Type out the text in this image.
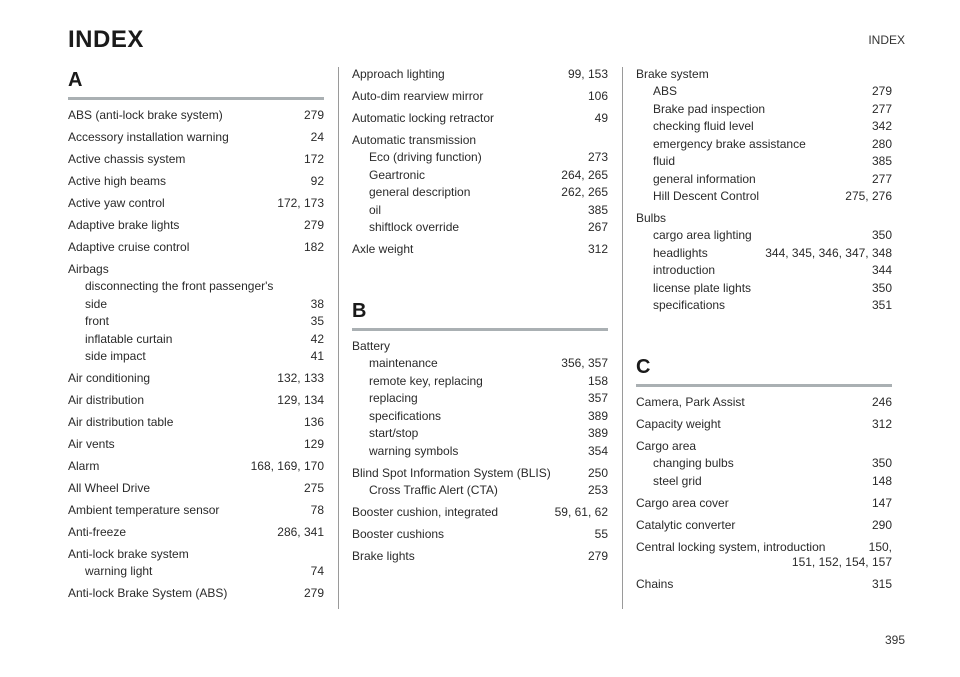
INDEX	INDEX
395
A
ABS (anti-lock brake system)	279
Accessory installation warning	24
Active chassis system	172
Active high beams	92
Active yaw control	172, 173
Adaptive brake lights	279
Adaptive cruise control	182
Airbags
disconnecting the front passenger's
side	38
front	35
inflatable curtain	42
side impact	41
Air conditioning	132, 133
Air distribution	129, 134
Air distribution table	136
Air vents	129
Alarm	168, 169, 170
All Wheel Drive	275
Ambient temperature sensor	78
Anti-freeze	286, 341
Anti-lock brake system
warning light	74
Anti-lock Brake System (ABS)	279
Approach lighting	99, 153
Auto-dim rearview mirror	106
Automatic locking retractor	49
Automatic transmission
Eco (driving function)	273
Geartronic	264, 265
general description	262, 265
oil	385
shiftlock override	267
Axle weight	312
B
Battery
maintenance	356, 357
remote key, replacing	158
replacing	357
specifications	389
start/stop	389
warning symbols	354
Blind Spot Information System (BLIS)	250
Cross Traffic Alert (CTA)	253
Booster cushion, integrated	59, 61, 62
Booster cushions	55
Brake lights	279
Brake system
ABS	279
Brake pad inspection	277
checking fluid level	342
emergency brake assistance	280
fluid	385
general information	277
Hill Descent Control	275, 276
Bulbs
cargo area lighting	350
headlights	344, 345, 346, 347, 348
introduction	344
license plate lights	350
specifications	351
C
Camera, Park Assist	246
Capacity weight	312
Cargo area
changing bulbs	350
steel grid	148
Cargo area cover	147
Catalytic converter	290
Central locking system, introduction	150,
151, 152, 154, 157
Chains	315
